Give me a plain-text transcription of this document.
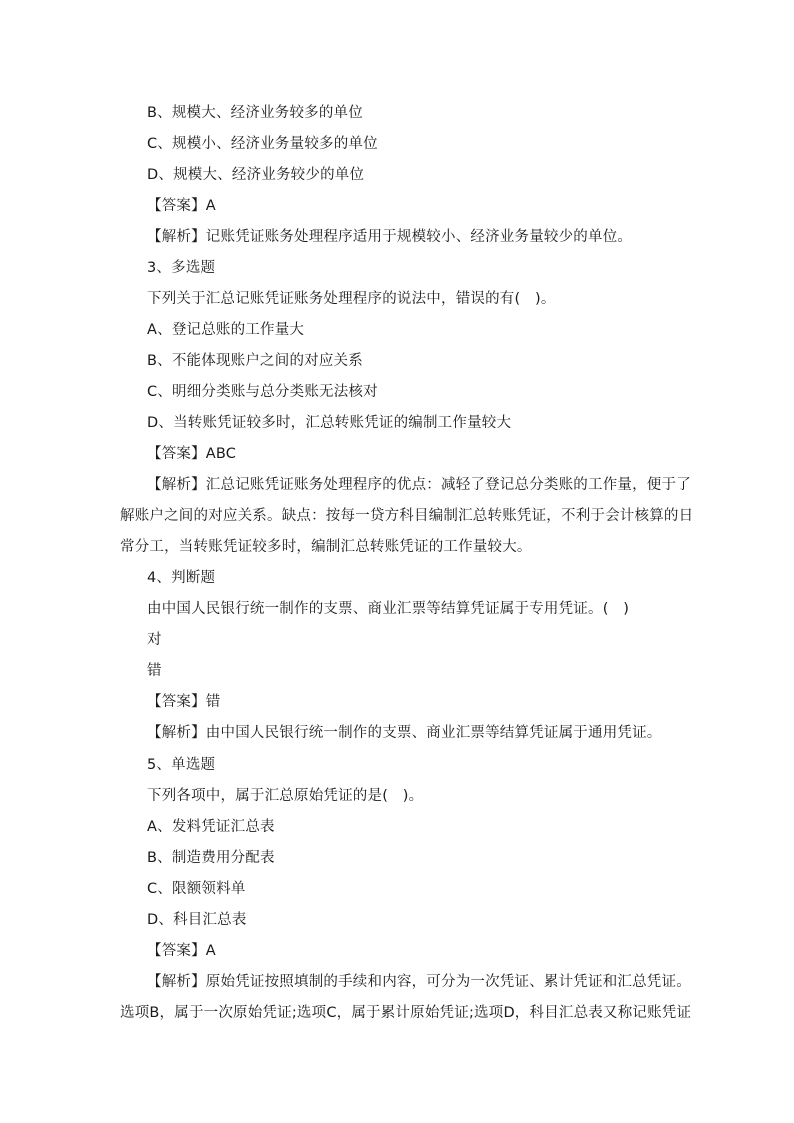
B、规模大、经济业务较多的单位
C、规模小、经济业务量较多的单位
D、规模大、经济业务较少的单位
【答案】A
【解析】记账凭证账务处理程序适用于规模较小、经济业务量较少的单位。
3、多选题
下列关于汇总记账凭证账务处理程序的说法中，错误的有(　)。
A、登记总账的工作量大
B、不能体现账户之间的对应关系
C、明细分类账与总分类账无法核对
D、当转账凭证较多时，汇总转账凭证的编制工作量较大
【答案】ABC
【解析】汇总记账凭证账务处理程序的优点：减轻了登记总分类账的工作量，便于了
解账户之间的对应关系。缺点：按每一贷方科目编制汇总转账凭证，不利于会计核算的日
常分工，当转账凭证较多时，编制汇总转账凭证的工作量较大。
4、判断题
由中国人民银行统一制作的支票、商业汇票等结算凭证属于专用凭证。(　)
对
错
【答案】错
【解析】由中国人民银行统一制作的支票、商业汇票等结算凭证属于通用凭证。
5、单选题
下列各项中，属于汇总原始凭证的是(　)。
A、发料凭证汇总表
B、制造费用分配表
C、限额领料单
D、科目汇总表
【答案】A
【解析】原始凭证按照填制的手续和内容，可分为一次凭证、累计凭证和汇总凭证。
选项B，属于一次原始凭证;选项C，属于累计原始凭证;选项D，科目汇总表又称记账凭证
